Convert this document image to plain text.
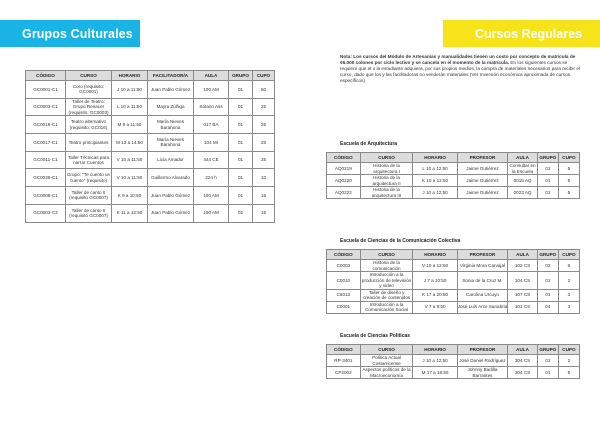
Grupos Culturales	Cursos Regulares
CÓDIGO	CURSO	HORARIO	FACILITADOR/A	AULA	GRUPO	CUPO
GC0001-C1	Coro (requisito: GC0001)	J 10 a 11:50	Juan Pablo Gómez	100 AM	01	50
GC0003-C1	Taller de Teatro: Grupo Renacer (requisito: GC0003)	L 10 a 11:50	Mayra Zúñiga	Sótano Ass	01	25
GC0016-C1	Teatro alternativo (requisito: GC016)	M 9 a 11:50	María Nieves Barahona	017 BA	01	25
GC0017-C1	Teatro principiantes	M 13 a 14:50	María Nieves Barahona	104 MI	01	25
GC0011-C1	Taller Técnicas para narrar Cuentos	V 10 a 11:50	Licia Amador	444 CE	01	25
GC0036-C1	Grupo: "Te cuento un cuento" (requisito)	V 10 a 11:50	Guillermo Alvarado	224 h	01	10
GC0008-C1	Taller de canto II (requisito GC0007)	K 9 a 10:50	Juan Pablo Gómez	100 AM	01	15
GC0003-C2	Taller de canto II (requisito GC0007)	K 11 a 12:50	Juan Pablo Gómez	100 AM	02	15
Nota: Los cursos del Módulo de Artesanías y manualidades tienen un costo por concepto de matrícula de ¢6.000 colones por ciclo lectivo y se cancela en el momento de la matrícula. En los siguientes cursos se requiere que el o la estudiante adquiera, por sus propios medios, la compra de materiales necesarios para recibir el curso, dado que los y las facilitadoras no venderán materiales (Ver Inversión económica aproximada de cursos específicos)
Escuela de Arquitectura
CÓDIGO	CURSO	HORARIO	PROFESOR	AULA	GRUPO	CUPO
AQ0219	Historia de la arquitectura I	L 10 a 12:50	Jaime Gutiérrez	Consultar en la Escuela	01	5
AQ0220	Historia de la arquitectura II	K 10 a 12:50	Jaime Gutiérrez	0015 AQ	01	5
AQ0222	Historia de la arquitectura III	J 10 a 12:50	Jaime Gutiérrez	0023 AQ	01	5
Escuela de Ciencias de la Comunicación Colectiva
CÓDIGO	CURSO	HORARIO	PROFESOR	AULA	GRUPO	CUPO
C0003	Historia de la comunicación	V 10 a 12:50	Virginia Mora Carvajal	102 CS	03	6
C0010	Introducción a la producción de televisión y video	J 7 a 10:50	Sonia de la Cruz M.	104 CS	01	2
C6013	Taller de diseño y creación de contenidos	K 17 a 20:50	Carolina Urcuyo	107 CS	01	3
C0001	Introducción a la Comunicación Social	V 7 a 9:50	José Luis Arce Sanabria	101 CS	04	3
Escuela de Ciencias Políticas
CÓDIGO	CURSO	HORARIO	PROFESOR	AULA	GRUPO	CUPO
RP-3401	Política Actual Costarricense	J 10 a 12:50	José Daniel Rodríguez	304 CS	01	2
CP2002	Aspectos políticos de la Macroeconomía	M 17 a 18:50	Johnny Badilla Barrantes	304 CS	01	5
